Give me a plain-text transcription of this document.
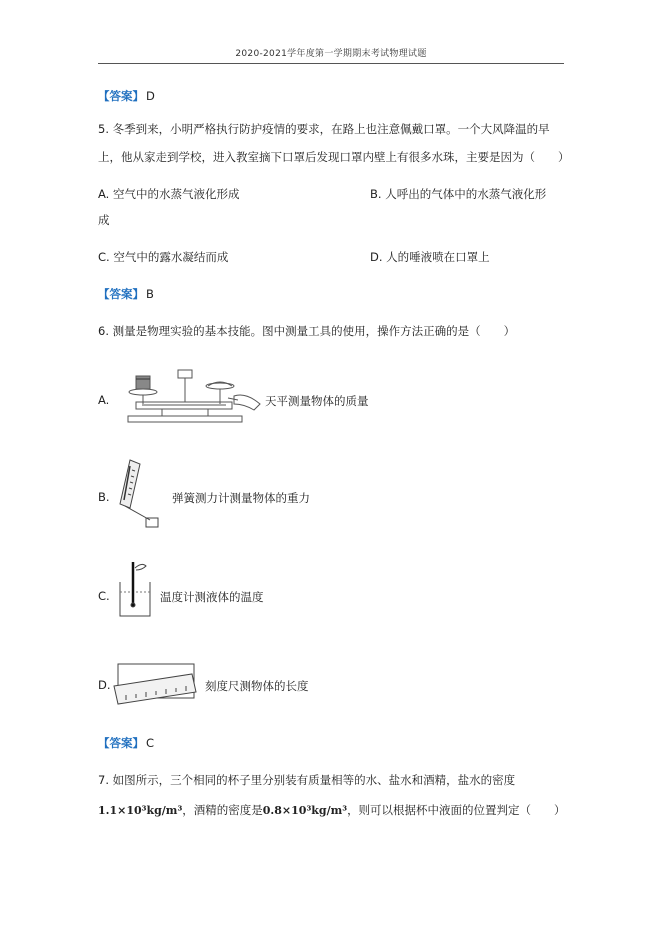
2020-2021学年度第一学期期末考试物理试题
【答案】 D
5. 冬季到来，小明严格执行防护疫情的要求，在路上也注意佩戴口罩。一个大风降温的早
上，他从家走到学校，进入教室摘下口罩后发现口罩内壁上有很多水珠，主要是因为（　　）
A. 空气中的水蒸气液化形成	B. 人呼出的气体中的水蒸气液化形
成
C. 空气中的露水凝结而成	D. 人的唾液喷在口罩上
【答案】 B
6. 测量是物理实验的基本技能。图中测量工具的使用，操作方法正确的是（　　）
A.	天平测量物体的质量
B.	弹簧测力计测量物体的重力
C.	温度计测液体的温度
D.	刻度尺测物体的长度
【答案】 C
7. 如图所示，三个相同的杯子里分别装有质量相等的水、盐水和酒精，盐水的密度
1.1×10³kg/m³，酒精的密度是0.8×10³kg/m³，则可以根据杯中液面的位置判定（　　）
